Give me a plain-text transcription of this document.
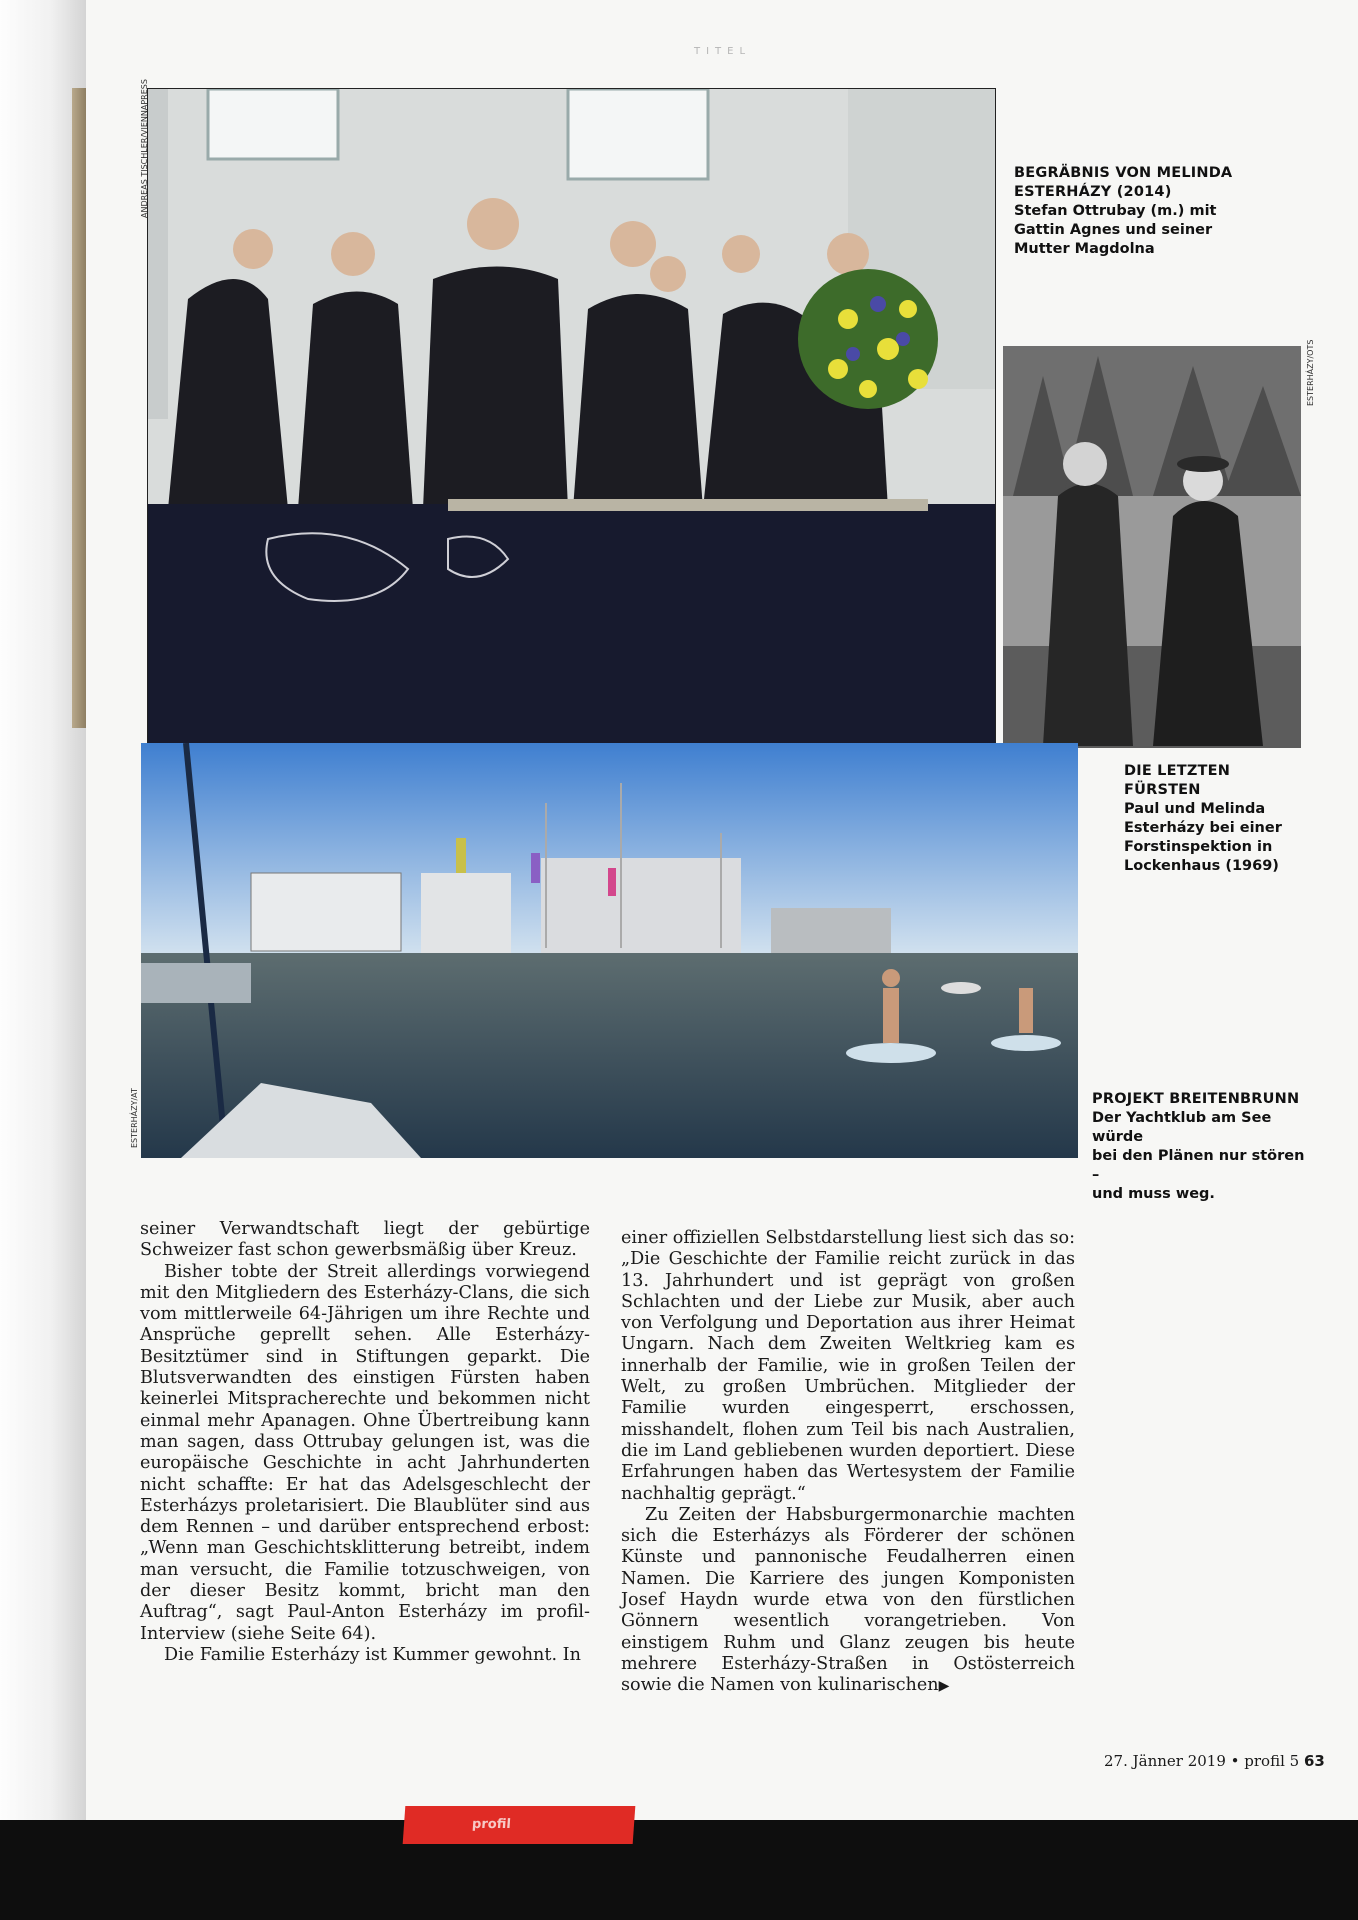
TITEL
ANDREAS TISCHLER/VIENNAPRESS	BEGRÄBNIS VON MELINDA ESTERHÁZY (2014)
Stefan Ottrubay (m.) mit
Gattin Agnes und seiner
Mutter Magdolna
ESTERHÁZY/OTS
DIE LETZTEN FÜRSTEN
Paul und Melinda
Esterházy bei einer
Forstinspektion in
Lockenhaus (1969)
ESTERHÁZY/AT	PROJEKT BREITENBRUNN
Der Yachtklub am See würde
bei den Plänen nur stören –
und muss weg.

seiner Verwandtschaft liegt der gebürtige Schweizer fast schon gewerbsmäßig über Kreuz.

Bisher tobte der Streit allerdings vorwiegend mit den Mitgliedern des Esterházy-Clans, die sich vom mittlerweile 64-Jährigen um ihre Rechte und Ansprüche geprellt sehen. Alle Esterházy-Besitztümer sind in Stiftungen geparkt. Die Blutsverwandten des einstigen Fürsten haben keinerlei Mitspracherechte und bekommen nicht einmal mehr Apanagen. Ohne Übertreibung kann man sagen, dass Ottrubay gelungen ist, was die europäische Geschichte in acht Jahrhunderten nicht schaffte: Er hat das Adelsgeschlecht der Esterházys proletarisiert. Die Blaublüter sind aus dem Rennen – und darüber entsprechend erbost: „Wenn man Geschichtsklitterung betreibt, indem man versucht, die Familie totzuschweigen, von der dieser Besitz kommt, bricht man den Auftrag“, sagt Paul-Anton Esterházy im profil-Interview (siehe Seite 64).

Die Familie Esterházy ist Kummer gewohnt. In

einer offiziellen Selbstdarstellung liest sich das so: „Die Geschichte der Familie reicht zurück in das 13. Jahrhundert und ist geprägt von großen Schlachten und der Liebe zur Musik, aber auch von Verfolgung und Deportation aus ihrer Heimat Ungarn. Nach dem Zweiten Weltkrieg kam es innerhalb der Familie, wie in großen Teilen der Welt, zu großen Umbrüchen. Mitglieder der Familie wurden eingesperrt, erschossen, misshandelt, flohen zum Teil bis nach Australien, die im Land gebliebenen wurden deportiert. Diese Erfahrungen haben das Wertesystem der Familie nachhaltig geprägt.“

Zu Zeiten der Habsburgermonarchie machten sich die Esterházys als Förderer der schönen Künste und pannonische Feudalherren einen Namen. Die Karriere des jungen Komponisten Josef Haydn wurde etwa von den fürstlichen Gönnern wesentlich vorangetrieben. Von einstigem Ruhm und Glanz zeugen bis heute mehrere Esterházy-Straßen in Ostösterreich sowie die Namen von kulinarischen▶

27. Jänner 2019 • profil 5 63
profil
